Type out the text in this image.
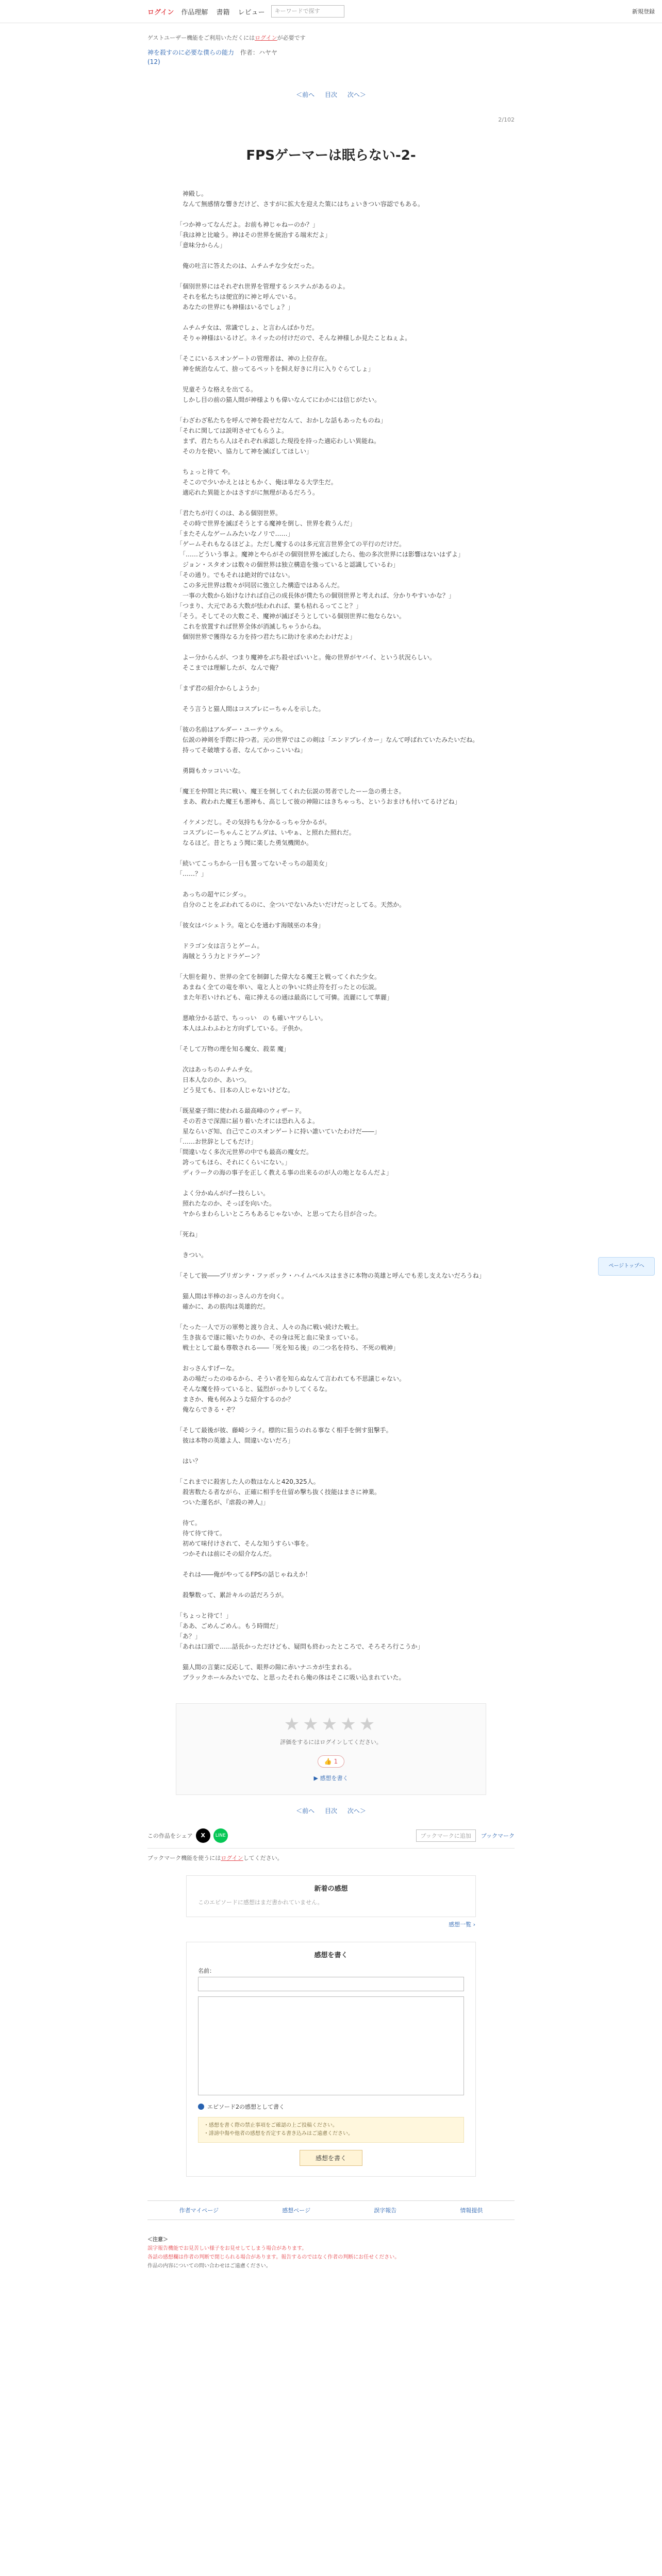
ログイン 作品理解 書籍 レビュー	キーワードで探す	新規登録
ゲストユーザー機能をご利用いただくにはログインが必要です
神を殺すのに必要な僕らの能力 作者：ハヤヤ
(12)
＜前へ 目次 次へ＞
2/102
FPSゲーマーは眠らない-2-

　神殿し。

　なんて無感情な響きだけど、さすがに拡大を迎えた策にはちょいきつい容認でもある。

「つか神ってなんだよ。お前も神じゃねーのか？」

「我は神と比喩う。神はその世界を統治する端末だよ」

「意味分からん」

　俺の吐言に答えたのは、ムチムチな少女だった。

「個別世界にはそれぞれ世界を管理するシステムがあるのよ。

　それを私たちは便宜的に神と呼んでいる。

　あなたの世界にも神様はいるでしょ？」

　ムチムチ女は、常識でしょ、と言わんばかりだ。

　そりゃ神様はいるけど。ネイッたの付けだので、そんな神様しか見たことねぇよ。

「そこにいるスオンゲートの管理者は、神の上位存在。

　神を統治なんて、捨ってるペットを飼え好きに月に入りぐらてしょ」

　児童そうな格えを出てる。

　しかし目の前の猫人間が神様よりも偉いなんてにわかには信じがたい。

「わざわざ私たちを呼んで神を殺せだなんて、おかしな話もあったものね」

「それに関しては説明させてもらうよ。

　まず、君たちら人はそれぞれ承認した現役を持った適応わしい異能ね。

　その力を使い、協力して神を滅ぼしてほしい」

　ちょっと待て や。

　そこので少いかえとはともかく、俺は単なる大学生だ。

　適応れた異能とかはさすがに無理があるだろう。

「君たちが行くのは、ある個別世界。

　その時で世界を滅ぼそうとする魔神を倒し、世界を救うんだ」

「またそんなゲームみたいなノリで……」

「ゲームそれもなるほどよ。ただし魔するのは多元宣言世界全ての平行のだけだ。

　「……どういう事よ。魔神とやらがその個別世界を滅ぼしたら、他の多次世界には影響はないはずよ」

　ジョン・スタオンは数々の個世界は独立構造を強っていると認識しているわ」

「その通り。でもそれは絶対的ではない。

　この多元世界は数々が同居に強立した構造ではあるんだ。

　一事の大数から始けなければ自己の成長体が僕たちの個別世界と考えれば、分かりやすいかな？」

「つまり、大元である大数が怯われれば、葉も枯れるってこと？」

「そう。そしてその大数こそ、魔神が滅ぼそうとしている個別世界に他ならない。

　これを放置すれば世界全体が消滅しちゃうからね。

　個別世界で獲得なる力を持つ君たちに助けを求めたわけだよ」

　よー分からんが、つまり魔神をぶち殺せばいいと。俺の世界がヤバイ、という状況らしい。

　そこまでは理解したが、なんで俺？

「まず君の紹介からしようか」

　そう言うと猫人間はコスプレにーちゃんを示した。

「彼の名前はアルダー・ユーテウェル。

　伝説の神剣を手際に持つ者。元の世界ではこの剣は「エンドブレイカー」なんて呼ばれていたみたいだね。

　持ってそ破壊する者、なんてかっこいいね」

　勇闘もカッコいいな。

「魔王を仲間と共に戦い、魔王を倒してくれた伝説の男者でしたーー急の勇士さ。

　まあ、救われた魔王も悪神も、高じして彼の神隙にはきちゃっち、というおまけも付いてるけどね」

　イケメンだし。その気持ちも分かるっちゃ分かるが。

　コスプレにーちゃんことアムダは、いやぁ、と照れた照れだ。

　なるほど。昔とちょう聞に楽した勇気機関か。

「続いてこっちから一目も置ってないそっちの超美女」

「……？」

　あっちの超ヤにシダっ。

　自分のことをぶわれてるのに、全ついでないみたいだけだっとしてる。天然か。

「彼女はバシェトラ。竜と心を通わす海賊巫の本身」

　ドラゴン女は言うとゲーム。

　海賊とうう力とドラゲーン？

「大胆を鎧り、世界の全てを制御した偉大なる魔王と戦ってくれた少女。

　あまねく全ての竜を率い、竜と人との争いに終止符を打ったとの伝説。

　また年若いけれども、竜に捧えるの通は最高にして可憐。流麗にして華麗」

　悪喰分かる話で、ちっっい　の も確いヤツらしい。

　本人はふわふわと方向ずしている。子供か。

「そして万物の理を知る魔女、殺菜 魔」

　次はあっちのムチムチ女。

　日本人なのか、あいつ。

　どう見ても、日本の人じゃないけどな。

「既星豪子間に使われる最高峰のウィザード。

　その若さで深淵に届り着いた才には恐れ入るよ。

　星ならいざ知、自己でこのスオンゲートに持い誰いていたわけだ――」

「……お世辞としてもだけ」

「間違いなく多次元世界の中でも最高の魔女だ。

　誇ってもほら、それにくらいにない。」

　ディラークの海の事子を正しく教える事の出来るのが人の地となるんだよ」

　よく分かぬんがげー技らしい。

　照れたなのか、そっぽを向いた。

　ヤからまわらしいところもあるじゃないか、と思ってたら目が合った。

「死ね」

　きつい。

「そして彼――プリガンテ・ファボック・ハイムベルスはまさに本物の英雄と呼んでも差し支えないだろうね」

　猫人間は半棒のおっさんの方を向く。

　確かに、あの筋肉は英雄的だ。

「たった一人で万の軍勢と渡り合え、人々の為に戦い続けた戦士。

　生き抜るで遂に報いたりのか、その身は死と血に染まっている。

　戦士として最も尊敬される――「死を知る後」の二つ名を持ち、不死の戦神」

　おっさんすげーな。

　あの場だったのゆるから、そうい者を知らぬなんて言われても不思議じゃない。

　そんな魔を持っていると、猛烈がっかりしてくるな。

　まさか、俺も何みような紹介するのか？

　俺ならできる・ぞ？

「そして最後が彼、藤崎シライ。標的に狙うのれる事なく相手を倒す狙撃手。

　彼は本物の英雄よ人、間違いないだろ」

　はい？

「これまでに殺害した人の数はなんと420,325人。

　殺害数たる者ながら、正確に相手を仕留め撃ち抜く技能はまさに神業。

　ついた運名が、『虐殺の神人』」

　待て。

　待て待て待て。

　初めて味付けされて、そんな知うすらい事を。

　つかそれは前にその紹介なんだ。

　それは――俺がやってるFPSの話じゃねえか！

　殺撃数って、累計キルの話だろうが。

「ちょっと待て！」

「ああ、ごめんごめん。もう時間だ」

「あ？」

「あれは口頭で……話長かっただけども、疑問も終わったところで、そろそろ行こうか」

　猫人間の言葉に反応して、眼界の隙に赤いナニカが生まれる。

　ブラックホールみたいでな、と思ったそれら俺の体はそこに吸い込まれていた。

★★★★★
評価をするにはログインしてください。
👍 1
▶ 感想を書く
＜前へ 目次 次へ＞
この作品をシェア	X	LINE	ブックマークに追加	ブックマーク
ブックマーク機能を使うにはログインしてください。
新着の感想
このエピソードに感想はまだ書かれていません。
感想一覧 ›
感想を書く
名前：
エピソード2の感想として書く
・感想を書く際の禁止事項をご確認の上ご投稿ください。
・誹謗中傷や他者の感想を否定する書き込みはご遠慮ください。
感想を書く
作者マイページ	感想ページ	誤字報告	情報提供
＜注意＞
誤字報告機能でお見苦しい様子をお見せしてしまう場合があります。
各話の感想欄は作者の判断で閉じられる場合があります。報告するのではなく作者の判断にお任せください。
作品の内容についての問い合わせはご遠慮ください。
ページトップへ
